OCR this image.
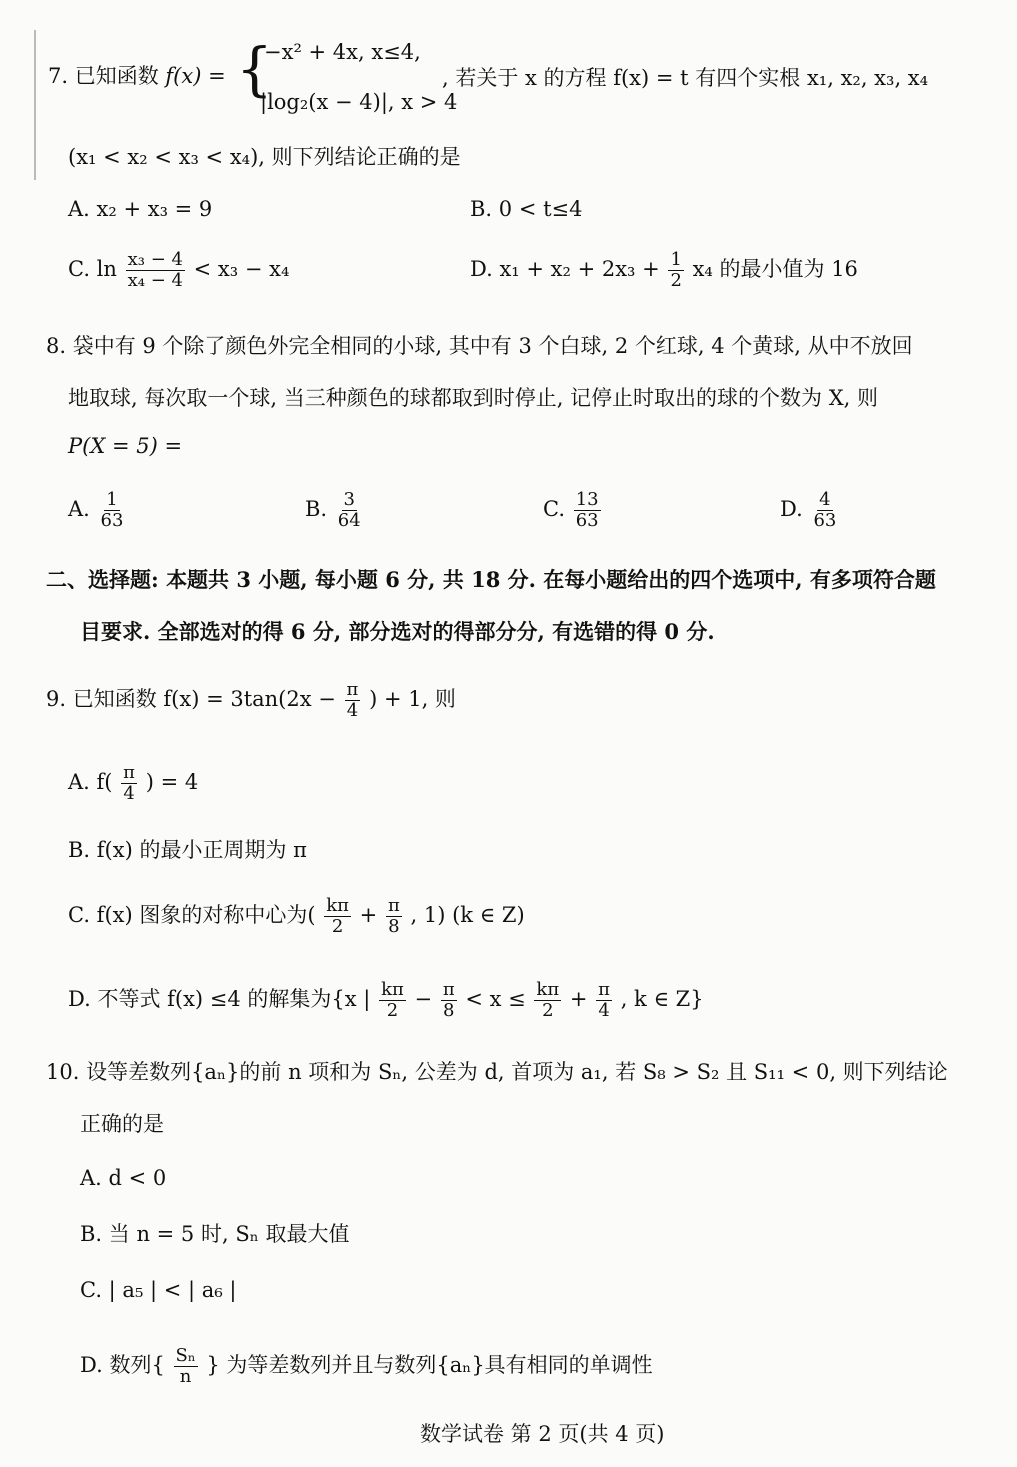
7. 已知函数 f(x) = {
−x² + 4x, x≤4,
|log₂(x − 4)|, x > 4
, 若关于 x 的方程 f(x) = t 有四个实根 x₁, x₂, x₃, x₄
(x₁ < x₂ < x₃ < x₄), 则下列结论正确的是
A. x₂ + x₃ = 9	B. 0 < t≤4
C. $\ln \frac{\text{x₃ − 4}}{\text{x₄ − 4}} < x_3 - x_4$	D. $x_1 + x_2 + 2x_3 + \frac{1}{2} x_4$ 的最小值为 16
8. 袋中有 9 个除了颜色外完全相同的小球, 其中有 3 个白球, 2 个红球, 4 个黄球, 从中不放回
地取球, 每次取一个球, 当三种颜色的球都取到时停止, 记停止时取出的球的个数为 X, 则
P(X = 5) =
A. $\frac{1}{63}$	B. $\frac{3}{64}$	C. $\frac{13}{63}$	D. $\frac{4}{63}$
二、选择题: 本题共 3 小题, 每小题 6 分, 共 18 分. 在每小题给出的四个选项中, 有多项符合题
目要求. 全部选对的得 6 分, 部分选对的得部分分, 有选错的得 0 分.
9. 已知函数 $f(x) = 3\tan(2x - \frac{\pi}{4}$ ) + 1, 则
A. $f( \frac{\pi}{4}$ ) = 4
B. f(x) 的最小正周期为 π
C. f(x) 图象的对称中心为( $\frac{k\pi}{2} + \frac{\pi}{8}$ , 1) (k ∈ Z)
D. 不等式 f(x) ≤4 的解集为{x | $\frac{k\pi}{2} - \frac{\pi}{8} < x \le \frac{k\pi}{2} + \frac{\pi}{4}$ , k ∈ Z}
10. 设等差数列{aₙ}的前 n 项和为 Sₙ, 公差为 d, 首项为 a₁, 若 S₈ > S₂ 且 S₁₁ < 0, 则下列结论
正确的是
A. d < 0
B. 当 n = 5 时, Sₙ 取最大值
C. | a₅ | < | a₆ |
D. 数列{ $\frac{\text{Sₙ}}{n}$ } 为等差数列并且与数列{aₙ}具有相同的单调性
数学试卷 第 2 页(共 4 页)
